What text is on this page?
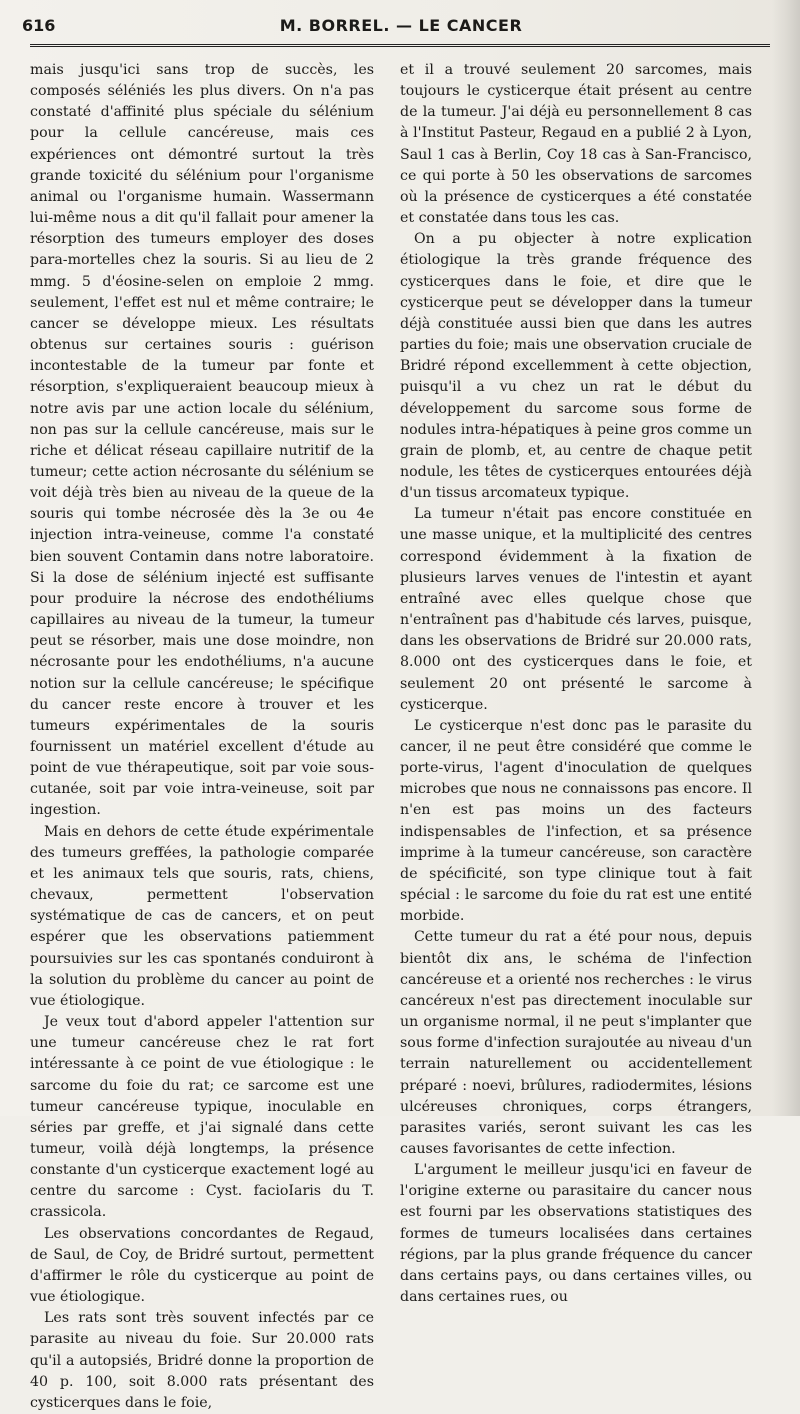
616	M. BORREL. — LE CANCER

mais jusqu'ici sans trop de succès, les composés séléniés les plus divers. On n'a pas constaté d'affinité plus spéciale du sélénium pour la cellule cancéreuse, mais ces expériences ont démontré surtout la très grande toxicité du sélénium pour l'organisme animal ou l'organisme humain. Wassermann lui-même nous a dit qu'il fallait pour amener la résorption des tumeurs employer des doses para-mortelles chez la souris. Si au lieu de 2 mmg. 5 d'éosine-selen on emploie 2 mmg. seulement, l'effet est nul et même contraire; le cancer se développe mieux. Les résultats obtenus sur certaines souris : guérison incontestable de la tumeur par fonte et résorption, s'expliqueraient beaucoup mieux à notre avis par une action locale du sélénium, non pas sur la cellule cancéreuse, mais sur le riche et délicat réseau capillaire nutritif de la tumeur; cette action nécrosante du sélénium se voit déjà très bien au niveau de la queue de la souris qui tombe nécrosée dès la 3e ou 4e injection intra-veineuse, comme l'a constaté bien souvent Contamin dans notre laboratoire. Si la dose de sélénium injecté est suffisante pour produire la nécrose des endothéliums capillaires au niveau de la tumeur, la tumeur peut se résorber, mais une dose moindre, non nécrosante pour les endothéliums, n'a aucune notion sur la cellule cancéreuse; le spécifique du cancer reste encore à trouver et les tumeurs expérimentales de la souris fournissent un matériel excellent d'étude au point de vue thérapeutique, soit par voie sous-cutanée, soit par voie intra-veineuse, soit par ingestion.

Mais en dehors de cette étude expérimentale des tumeurs greffées, la pathologie comparée et les animaux tels que souris, rats, chiens, chevaux, permettent l'observation systématique de cas de cancers, et on peut espérer que les observations patiemment poursuivies sur les cas spontanés conduiront à la solution du problème du cancer au point de vue étiologique.

Je veux tout d'abord appeler l'attention sur une tumeur cancéreuse chez le rat fort intéressante à ce point de vue étiologique : le sarcome du foie du rat; ce sarcome est une tumeur cancéreuse typique, inoculable en séries par greffe, et j'ai signalé dans cette tumeur, voilà déjà longtemps, la présence constante d'un cysticerque exactement logé au centre du sarcome : Cyst. facioIaris du T. crassicola.

Les observations concordantes de Regaud, de Saul, de Coy, de Bridré surtout, permettent d'affirmer le rôle du cysticerque au point de vue étiologique.

Les rats sont très souvent infectés par ce parasite au niveau du foie. Sur 20.000 rats qu'il a autopsiés, Bridré donne la proportion de 40 p. 100, soit 8.000 rats présentant des cysticerques dans le foie,

et il a trouvé seulement 20 sarcomes, mais toujours le cysticerque était présent au centre de la tumeur. J'ai déjà eu personnellement 8 cas à l'Institut Pasteur, Regaud en a publié 2 à Lyon, Saul 1 cas à Berlin, Coy 18 cas à San-Francisco, ce qui porte à 50 les observations de sarcomes où la présence de cysticerques a été constatée et constatée dans tous les cas.

On a pu objecter à notre explication étiologique la très grande fréquence des cysticerques dans le foie, et dire que le cysticerque peut se développer dans la tumeur déjà constituée aussi bien que dans les autres parties du foie; mais une observation cruciale de Bridré répond excellemment à cette objection, puisqu'il a vu chez un rat le début du développement du sarcome sous forme de nodules intra-hépatiques à peine gros comme un grain de plomb, et, au centre de chaque petit nodule, les têtes de cysticerques entourées déjà d'un tissus arcomateux typique.

La tumeur n'était pas encore constituée en une masse unique, et la multiplicité des centres correspond évidemment à la fixation de plusieurs larves venues de l'intestin et ayant entraîné avec elles quelque chose que n'entraînent pas d'habitude cés larves, puisque, dans les observations de Bridré sur 20.000 rats, 8.000 ont des cysticerques dans le foie, et seulement 20 ont présenté le sarcome à cysticerque.

Le cysticerque n'est donc pas le parasite du cancer, il ne peut être considéré que comme le porte-virus, l'agent d'inoculation de quelques microbes que nous ne connaissons pas encore. Il n'en est pas moins un des facteurs indispensables de l'infection, et sa présence imprime à la tumeur cancéreuse, son caractère de spécificité, son type clinique tout à fait spécial : le sarcome du foie du rat est une entité morbide.

Cette tumeur du rat a été pour nous, depuis bientôt dix ans, le schéma de l'infection cancéreuse et a orienté nos recherches : le virus cancéreux n'est pas directement inoculable sur un organisme normal, il ne peut s'implanter que sous forme d'infection surajoutée au niveau d'un terrain naturellement ou accidentellement préparé : noevi, brûlures, radiodermites, lésions ulcéreuses chroniques, corps étrangers, parasites variés, seront suivant les cas les causes favorisantes de cette infection.

L'argument le meilleur jusqu'ici en faveur de l'origine externe ou parasitaire du cancer nous est fourni par les observations statistiques des formes de tumeurs localisées dans certaines régions, par la plus grande fréquence du cancer dans certains pays, ou dans certaines villes, ou dans certaines rues, ou
